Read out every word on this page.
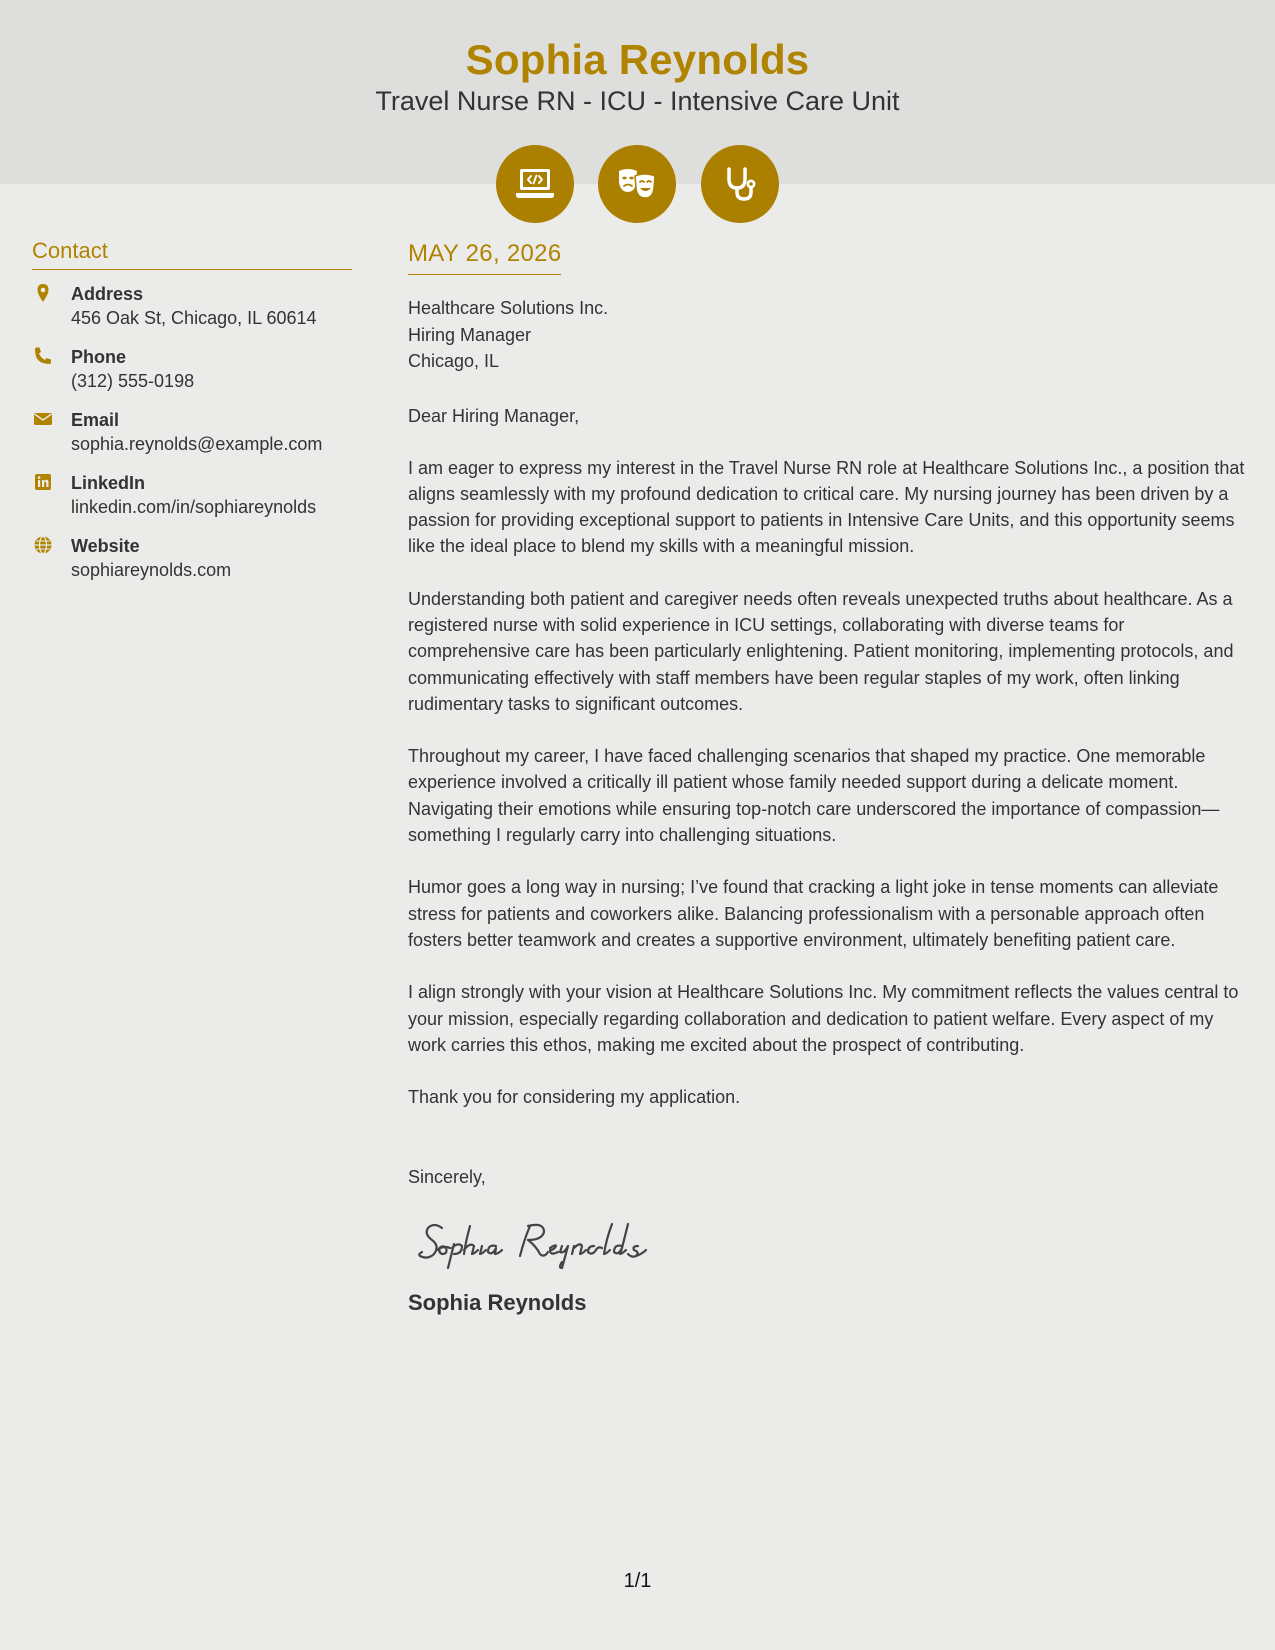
Sophia Reynolds
Travel Nurse RN - ICU - Intensive Care Unit
Contact
Address
456 Oak St, Chicago, IL 60614
Phone
(312) 555-0198
Email
sophia.reynolds@example.com
LinkedIn
linkedin.com/in/sophiareynolds
Website
sophiareynolds.com
MAY 26, 2026
Healthcare Solutions Inc.
Hiring Manager
Chicago, IL
Dear Hiring Manager,
I am eager to express my interest in the Travel Nurse RN role at Healthcare Solutions Inc., a position that aligns seamlessly with my profound dedication to critical care. My nursing journey has been driven by a passion for providing exceptional support to patients in Intensive Care Units, and this opportunity seems like the ideal place to blend my skills with a meaningful mission.
Understanding both patient and caregiver needs often reveals unexpected truths about healthcare. As a registered nurse with solid experience in ICU settings, collaborating with diverse teams for comprehensive care has been particularly enlightening. Patient monitoring, implementing protocols, and communicating effectively with staff members have been regular staples of my work, often linking rudimentary tasks to significant outcomes.
Throughout my career, I have faced challenging scenarios that shaped my practice. One memorable experience involved a critically ill patient whose family needed support during a delicate moment. Navigating their emotions while ensuring top-notch care underscored the importance of compassion—something I regularly carry into challenging situations.
Humor goes a long way in nursing; I’ve found that cracking a light joke in tense moments can alleviate stress for patients and coworkers alike. Balancing professionalism with a personable approach often fosters better teamwork and creates a supportive environment, ultimately benefiting patient care.
I align strongly with your vision at Healthcare Solutions Inc. My commitment reflects the values central to your mission, especially regarding collaboration and dedication to patient welfare. Every aspect of my work carries this ethos, making me excited about the prospect of contributing.
Thank you for considering my application.
Sincerely,
Sophia Reynolds
1/1
